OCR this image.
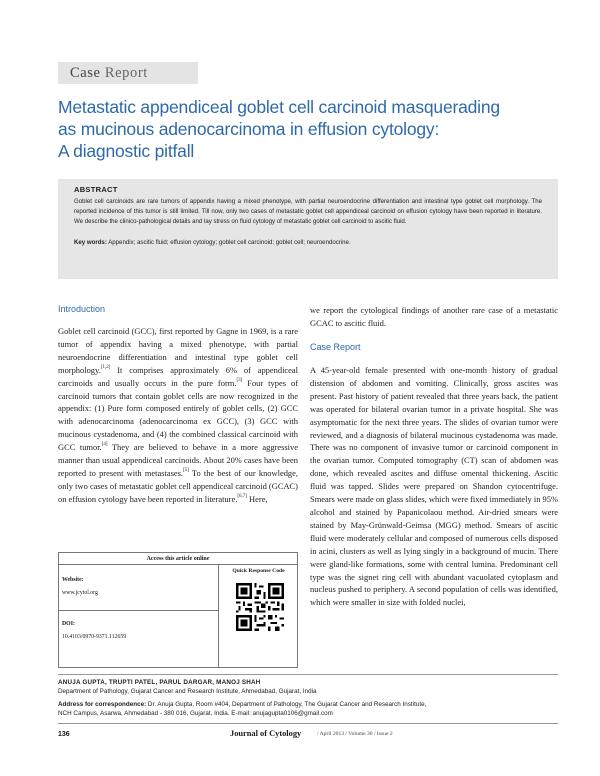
Case Report
Metastatic appendiceal goblet cell carcinoid masquerading
as mucinous adenocarcinoma in effusion cytology:
A diagnostic pitfall
ABSTRACT
Goblet cell carcinoids are rare tumors of appendix having a mixed phenotype, with partial neuroendocrine differentiation and intestinal type goblet cell morphology. The reported incidence of this tumor is still limited. Till now, only two cases of metastatic goblet cell appendiceal carcinoid on effusion cytology have been reported in literature. We describe the clinico-pathological details and lay stress on fluid cytology of metastatic goblet cell carcinoid to ascitic fluid.
Key words: Appendix; ascitic fluid; effusion cytology; goblet cell carcinoid; goblet cell; neuroendocrine.
Introduction

Goblet cell carcinoid (GCC), first reported by Gagne in 1969, is a rare tumor of appendix having a mixed phenotype, with partial neuroendocrine differentiation and intestinal type goblet cell morphology.[1,2] It comprises approximately 6% of appendiceal carcinoids and usually occurs in the pure form.[3] Four types of carcinoid tumors that contain goblet cells are now recognized in the appendix: (1) Pure form composed entirely of goblet cells, (2) GCC with adenocarcinoma (adenocarcinoma ex GCC), (3) GCC with mucinous cystadenoma, and (4) the combined classical carcinoid with GCC tumor.[4] They are believed to behave in a more aggressive manner than usual appendiceal carcinoids. About 20% cases have been reported to present with metastases.[5] To the best of our knowledge, only two cases of metastatic goblet cell appendiceal carcinoid (GCAC) on effusion cytology have been reported in literature.[6,7] Here,

we report the cytological findings of another rare case of a metastatic GCAC to ascitic fluid.

Case Report

A 45-year-old female presented with one-month history of gradual distension of abdomen and vomiting. Clinically, gross ascites was present. Past history of patient revealed that three years back, the patient was operated for bilateral ovarian tumor in a private hospital. She was asymptomatic for the next three years. The slides of ovarian tumor were reviewed, and a diagnosis of bilateral mucinous cystadenoma was made. There was no component of invasive tumor or carcinoid component in the ovarian tumor. Computed tomography (CT) scan of abdomen was done, which revealed ascites and diffuse omental thickening. Ascitic fluid was tapped. Slides were prepared on Shandon cytocentrifuge. Smears were made on glass slides, which were fixed immediately in 95% alcohol and stained by Papanicolaou method. Air-dried smears were stained by May-Grünwald-Geimsa (MGG) method. Smears of ascitic fluid were moderately cellular and composed of numerous cells disposed in acini, clusters as well as lying singly in a background of mucin. There were gland-like formations, some with central lumina. Predominant cell type was the signet ring cell with abundant vacuolated cytoplasm and nucleus pushed to periphery. A second population of cells was identified, which were smaller in size with folded nuclei,

Access this article online
Website:
www.jcytol.org
DOI:
10.4103/0970-9371.112659
Quick Response Code
ANUJA GUPTA, TRUPTI PATEL, PARUL DARGAR, MANOJ SHAH
Department of Pathology, Gujarat Cancer and Research Institute, Ahmedabad, Gujarat, India
Address for correspondence: Dr. Anuja Gupta, Room #404, Department of Pathology, The Gujarat Cancer and Research Institute,
NCH Campus, Asarwa, Ahmedabad - 380 016, Gujarat, India. E-mail: anujagupta0106@gmail.com
136	Journal of Cytology	/ April 2013 / Volume 30 / Issue 2
